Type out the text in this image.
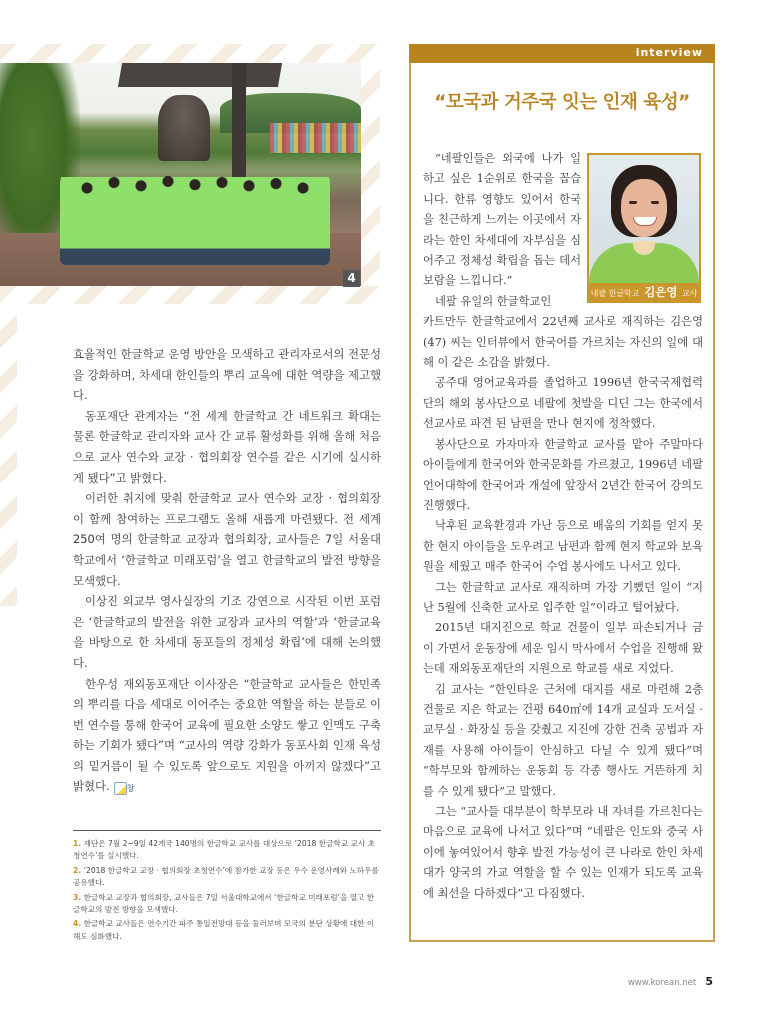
4

효율적인 한글학교 운영 방안을 모색하고 관리자로서의 전문성을 강화하며, 차세대 한인들의 뿌리 교육에 대한 역량을 제고했다.

동포재단 관계자는 “전 세계 한글학교 간 네트워크 확대는 물론 한글학교 관리자와 교사 간 교류 활성화를 위해 올해 처음으로 교사 연수와 교장 · 협의회장 연수를 같은 시기에 실시하게 됐다”고 밝혔다.

이러한 취지에 맞춰 한글학교 교사 연수와 교장 · 협의회장이 함께 참여하는 프로그램도 올해 새롭게 마련됐다. 전 세계 250여 명의 한글학교 교장과 협의회장, 교사들은 7일 서울대학교에서 ‘한글학교 미래포럼’을 열고 한글학교의 발전 방향을 모색했다.

이상진 외교부 영사실장의 기조 강연으로 시작된 이번 포럼은 ‘한글학교의 발전을 위한 교장과 교사의 역할’과 ‘한글교육을 바탕으로 한 차세대 동포들의 정체성 확립’에 대해 논의했다.

한우성 재외동포재단 이사장은 “한글학교 교사들은 한민족의 뿌리를 다음 세대로 이어주는 중요한 역할을 하는 분들로 이번 연수를 통해 한국어 교육에 필요한 소양도 쌓고 인맥도 구축하는 기회가 됐다”며 “교사의 역량 강화가 동포사회 인재 육성의 밑거름이 될 수 있도록 앞으로도 지원을 아끼지 않겠다”고 밝혔다. 창

1. 재단은 7월 2~9일 42개국 140명의 한글학교 교사를 대상으로 ‘2018 한글학교 교사 초청연수’를 실시했다.

2. ‘2018 한글학교 교장 · 협의회장 초청연수’에 참가한 교장 등은 우수 운영사례와 노하우를 공유했다.

3. 한글학교 교장과 협의회장, 교사들은 7일 서울대학교에서 ‘한글학교 미래포럼’을 열고 한글학교의 발전 방향을 모색했다.

4. 한글학교 교사들은 연수기간 파주 통일전망대 등을 둘러보며 모국의 분단 상황에 대한 이해도 심화했다.

interview
“모국과 거주국 잇는 인재 육성”
네팔 한글학교 김은영 교사

“네팔인들은 외국에 나가 일하고 싶은 1순위로 한국을 꼽습니다. 한류 영향도 있어서 한국을 친근하게 느끼는 이곳에서 자라는 한인 차세대에 자부심을 심어주고 정체성 확립을 돕는 데서 보람을 느낍니다.”

네팔 유일의 한글학교인

카트만두 한글학교에서 22년째 교사로 재직하는 김은영(47) 씨는 인터뷰에서 한국어를 가르치는 자신의 일에 대해 이 같은 소감을 밝혔다.

공주대 영어교육과를 졸업하고 1996년 한국국제협력단의 해외 봉사단으로 네팔에 첫발을 디딘 그는 한국에서 선교사로 파견 된 남편을 만나 현지에 정착했다.

봉사단으로 가자마자 한글학교 교사를 맡아 주말마다 아이들에게 한국어와 한국문화를 가르쳤고, 1996년 네팔 언어대학에 한국어과 개설에 앞장서 2년간 한국어 강의도 진행했다.

낙후된 교육환경과 가난 등으로 배움의 기회를 얻지 못한 현지 아이들을 도우려고 남편과 함께 현지 학교와 보육원을 세웠고 매주 한국어 수업 봉사에도 나서고 있다.

그는 한글학교 교사로 재직하며 가장 기뻤던 일이 “지난 5월에 신축한 교사로 입주한 일”이라고 털어놨다.

2015년 대지진으로 학교 건물이 일부 파손되거나 금이 가면서 운동장에 세운 임시 막사에서 수업을 진행해 왔는데 재외동포재단의 지원으로 학교를 새로 지었다.

김 교사는 “한인타운 근처에 대지를 새로 마련해 2층 건물로 지은 학교는 건평 640㎡에 14개 교실과 도서실 · 교무실 · 화장실 등을 갖췄고 지진에 강한 건축 공법과 자재를 사용해 아이들이 안심하고 다닐 수 있게 됐다”며 “학부모와 함께하는 운동회 등 각종 행사도 거뜬하게 치를 수 있게 됐다”고 말했다.

그는 “교사들 대부분이 학부모라 내 자녀를 가르친다는 마음으로 교육에 나서고 있다”며 “네팔은 인도와 중국 사이에 놓여있어서 향후 발전 가능성이 큰 나라로 한인 차세대가 양국의 가교 역할을 할 수 있는 인재가 되도록 교육에 최선을 다하겠다”고 다짐했다.

www.korean.net 5
